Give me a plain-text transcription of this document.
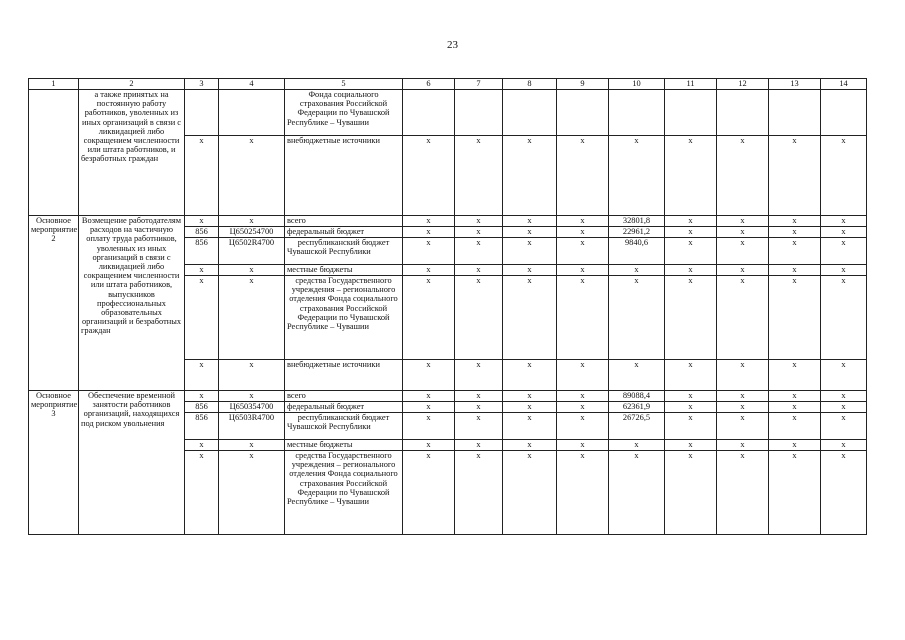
23
1	2	3	4	5	6	7	8	9	10	11	12	13	14
	а также принятых на постоянную работу работников, уволенных из иных организаций в связи с ликвидацией либо сокращением численности или штата работников, и безработных граждан			Фонда социального страхования Российской Федерации по Чувашской Республике – Чувашии									
		x	x	внебюджетные источники	x	x	x	x	x	x	x	x	x
Основное мероприятие 2	Возмещение работодателям расходов на частичную оплату труда работников, уволенных из иных организаций в связи с ликвидацией либо сокращением численности или штата работников, выпускников профессиональных образовательных организаций и безработных граждан	x	x	всего	x	x	x	x	32801,8	x	x	x	x
		856	Ц650254700	федеральный бюджет	x	x	x	x	22961,2	x	x	x	x
		856	Ц6502R4700	республиканский бюджет Чувашской Республики	x	x	x	x	9840,6	x	x	x	x
		x	x	местные бюджеты	x	x	x	x	x	x	x	x	x
		x	x	средства Государственного учреждения – регионального отделения Фонда социального страхования Российской Федерации по Чувашской Республике – Чувашии	x	x	x	x	x	x	x	x	x
		x	x	внебюджетные источники	x	x	x	x	x	x	x	x	x
Основное мероприятие 3	Обеспечение временной занятости работников организаций, находящихся под риском увольнения	x	x	всего	x	x	x	x	89088,4	x	x	x	x
		856	Ц650354700	федеральный бюджет	x	x	x	x	62361,9	x	x	x	x
		856	Ц6503R4700	республиканский бюджет Чувашской Республики	x	x	x	x	26726,5	x	x	x	x
		x	x	местные бюджеты	x	x	x	x	x	x	x	x	x
		x	x	средства Государственного учреждения – регионального отделения Фонда социального страхования Российской Федерации по Чувашской Республике – Чувашии	x	x	x	x	x	x	x	x	x
